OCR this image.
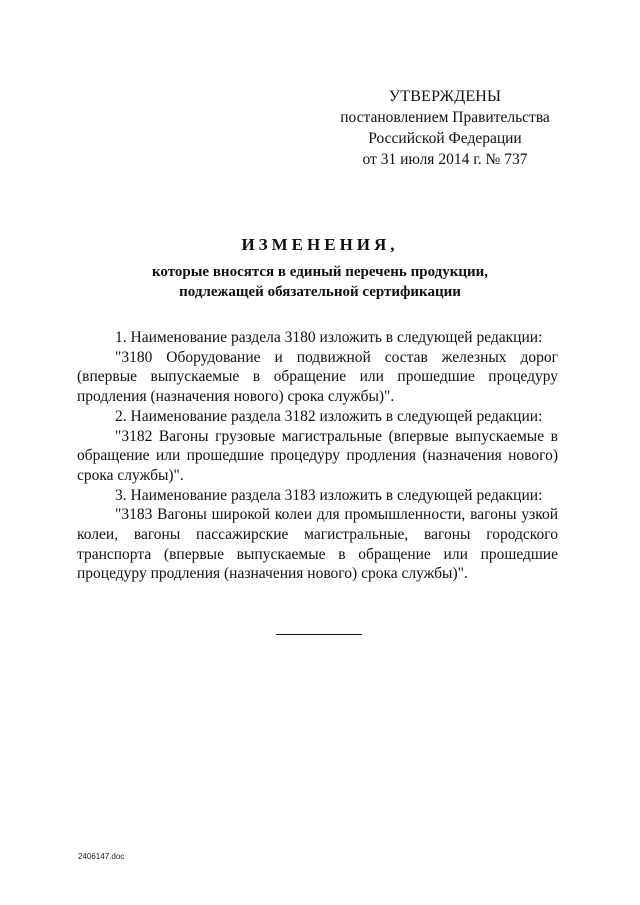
УТВЕРЖДЕНЫ
постановлением Правительства
Российской Федерации
от 31 июля 2014 г. № 737
ИЗМЕНЕНИЯ,
которые вносятся в единый перечень продукции,
подлежащей обязательной сертификации

1. Наименование раздела 3180 изложить в следующей редакции:

"3180 Оборудование и подвижной состав железных дорог (впервые выпускаемые в обращение или прошедшие процедуру продления (назначения нового) срока службы)".

2. Наименование раздела 3182 изложить в следующей редакции:

"3182 Вагоны грузовые магистральные (впервые выпускаемые в обращение или прошедшие процедуру продления (назначения нового) срока службы)".

3. Наименование раздела 3183 изложить в следующей редакции:

"3183 Вагоны широкой колеи для промышленности, вагоны узкой колеи, вагоны пассажирские магистральные, вагоны городского транспорта (впервые выпускаемые в обращение или прошедшие процедуру продления (назначения нового) срока службы)".

2406147.doc
